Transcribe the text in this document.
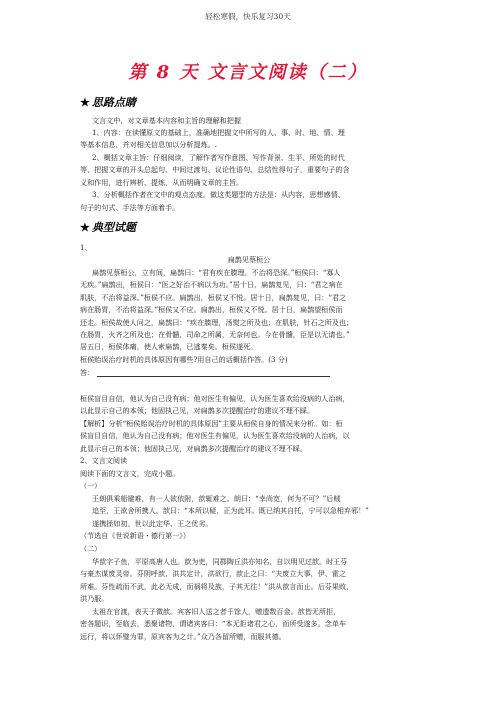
轻松寒假，快乐复习30天
第 8 天 文言文阅读（二）
★ 思路点睛
文言文中，对文章基本内容和主旨的理解和把握
1、内容：在读懂原文的基础上，准确地把握文中所写的人、事、时、地、情、理
等基本信息，并对相关信息加以分析提炼。.
2、概括文章主旨：仔细阅读，了解作者写作意图、写作背景、生平、所处的时代
等，把握文章的开头总起句、中间过渡句、议论性语句、总结性得句子，重要句子的含
义和作用，进行辨析、提炼，从而明确文章的主旨。
3、分析概括作者在文中的观点态度。做这类题型的方法是：从内容，思想感情、
句子的句式、手法等方面着手。
★ 典型试题
1、
扁鹊见蔡桓公
扁鹊见蔡桓公，立有间，扁鹊曰：“君有疾在腠理，不治将恐深。”桓侯曰：“寡人
无疾。”扁鹊出，桓侯曰：“医之好治不病以为功。”居十日，扁鹊复见，曰：“君之病在
肌肤，不治将益深。”桓侯不应。扁鹊出，桓侯又不悦。居十日，扁鹊复见，曰：“君之
病在肠胃，不治将益深。”桓侯又不应。扁鹊出，桓侯又不悦。居十日，扁鹊望桓侯而
还走。桓侯故使人问之，扁鹊曰：“疾在腠理，汤熨之所及也；在肌肤，针石之所及也；
在肠胃，火齐之所及也；在骨髓，司命之所属，无奈何也。今在骨髓，臣是以无请也。”
居五日，桓侯体痛，使人索扁鹊，已逃秦矣。桓侯遂死。
桓侯贻误治疗时机的具体原因有哪些?用自己的话概括作答。(3 分)
答：
桓侯盲目自信，他认为自己没有病；他对医生有偏见，认为医生喜欢给没病的人治病，
以此显示自己的本领；他固执己见，对扁鹊多次提醒治疗的建议不理不睬。
【解析】分析“桓侯贻误治疗时机的具体原因”主要从桓侯自身的情况来分析。如：桓
侯盲目自信，他认为自己没有病；他对医生有偏见，认为医生喜欢给没病的人治病，以
此显示自己的本领；他固执己见，对扁鹊多次提醒治疗的建议不理不睬。
2、文言文阅读
阅读下面的文言文，完成小题。
（一）
王朗俱乘船避难，有一人欲依附，歆辄难之。朗曰：“幸尚宽，何为不可？”后贼
追至，王欲舍所携人。歆曰：“本所以疑，正为此耳。既已纳其自托，宁可以急相弃邪！”
遂携拯如初。世以此定华、王之优劣。
（节选自《世说新语・德行第一》）
（二）
华歆字子鱼，平原高唐人也。歆为吏，同郡陶丘洪亦知名，自以明见过歆。时王芬
与豪杰谋废灵帝。芬阴呼歆、洪共定计，洪欲行，歆止之曰：“夫废立大事，伊、霍之
所难。芬性疏而不武，此必无成，而祸将及族，子其无往！”洪从歆言而止。后芬果败，
洪乃服。
太祖在官渡，表天子徵歆。宾客旧人送之者千馀人，赠遗数百金。歆皆无所拒，
密各题识，至临去，悉聚诸物，谓诸宾客曰：“本无拒诸君之心，而所受遂多。念单车
远行，将以怀璧为罪，原宾客为之计。”众乃各留所赠，而服其德。
